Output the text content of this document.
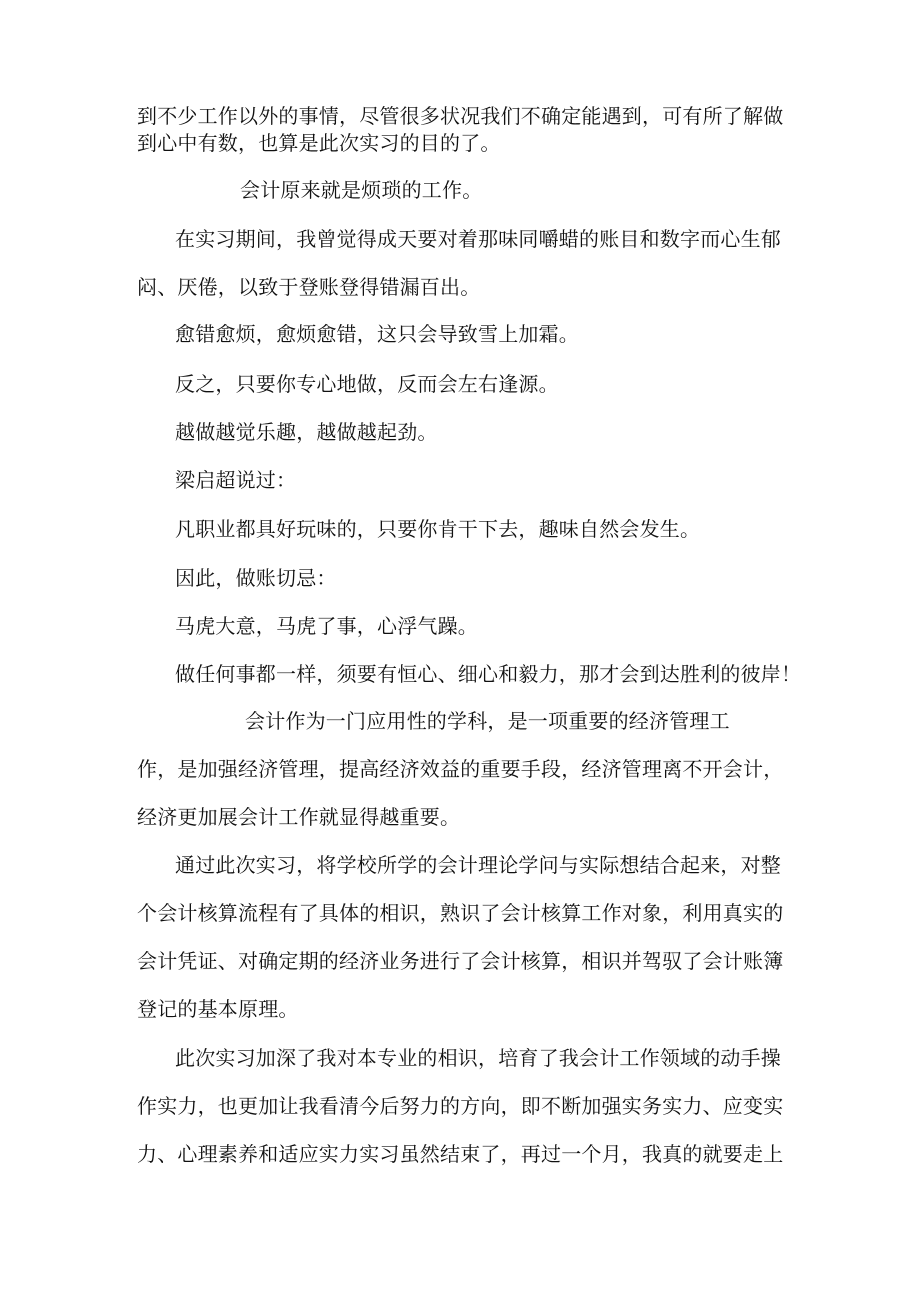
到不少工作以外的事情，尽管很多状况我们不确定能遇到，可有所了解做
到心中有数，也算是此次实习的目的了。
会计原来就是烦琐的工作。
在实习期间，我曾觉得成天要对着那味同嚼蜡的账目和数字而心生郁
闷、厌倦，以致于登账登得错漏百出。
愈错愈烦，愈烦愈错，这只会导致雪上加霜。
反之，只要你专心地做，反而会左右逢源。
越做越觉乐趣，越做越起劲。
梁启超说过：
凡职业都具好玩味的，只要你肯干下去，趣味自然会发生。
因此，做账切忌：
马虎大意，马虎了事，心浮气躁。
做任何事都一样，须要有恒心、细心和毅力，那才会到达胜利的彼岸！
会计作为一门应用性的学科，是一项重要的经济管理工
作，是加强经济管理，提高经济效益的重要手段，经济管理离不开会计，
经济更加展会计工作就显得越重要。
通过此次实习，将学校所学的会计理论学问与实际想结合起来，对整
个会计核算流程有了具体的相识，熟识了会计核算工作对象，利用真实的
会计凭证、对确定期的经济业务进行了会计核算，相识并驾驭了会计账簿
登记的基本原理。
此次实习加深了我对本专业的相识，培育了我会计工作领域的动手操
作实力，也更加让我看清今后努力的方向，即不断加强实务实力、应变实
力、心理素养和适应实力实习虽然结束了，再过一个月，我真的就要走上
